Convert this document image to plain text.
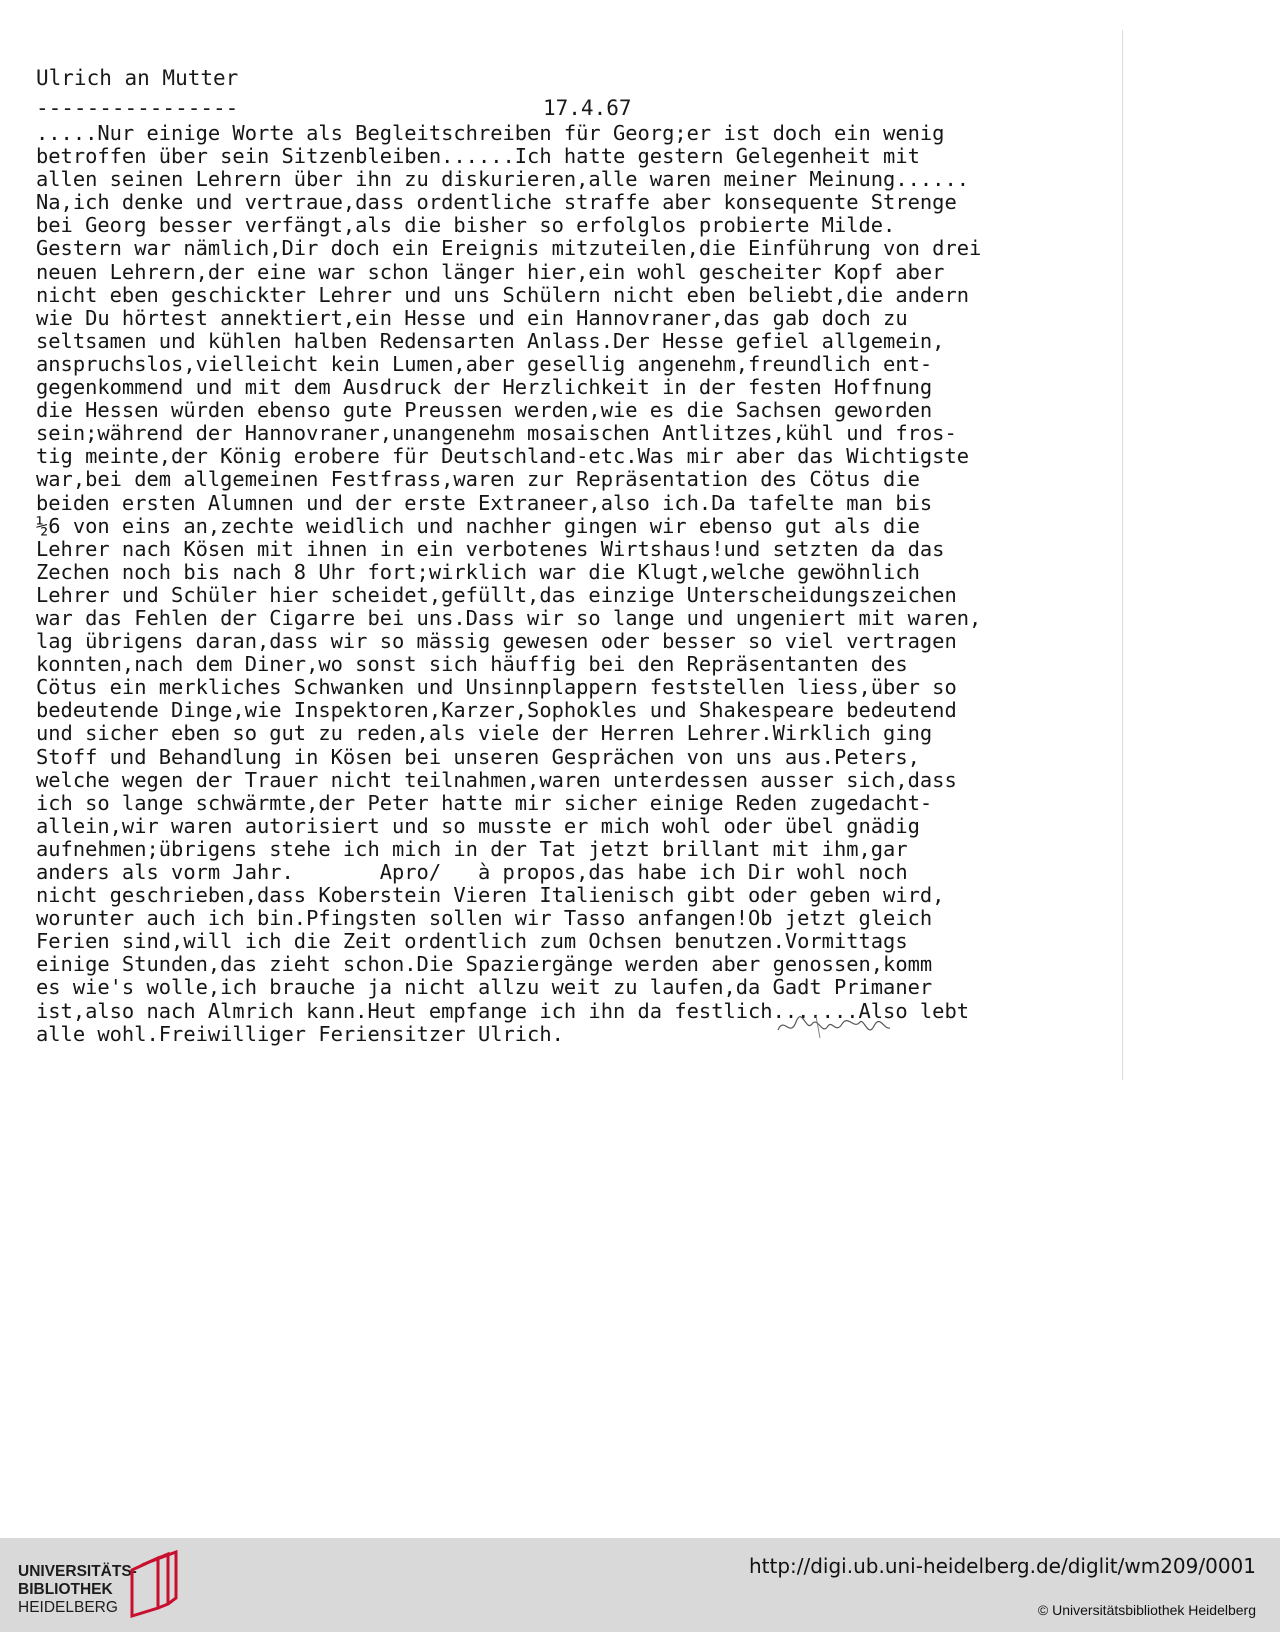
Ulrich an Mutter
----------------	17.4.67
.....Nur einige Worte als Begleitschreiben für Georg;er ist doch ein wenig
betroffen über sein Sitzenbleiben......Ich hatte gestern Gelegenheit mit
allen seinen Lehrern über ihn zu diskurieren,alle waren meiner Meinung......
Na,ich denke und vertraue,dass ordentliche straffe aber konsequente Strenge
bei Georg besser verfängt,als die bisher so erfolglos probierte Milde.
Gestern war nämlich,Dir doch ein Ereignis mitzuteilen,die Einführung von drei
neuen Lehrern,der eine war schon länger hier,ein wohl gescheiter Kopf aber
nicht eben geschickter Lehrer und uns Schülern nicht eben beliebt,die andern
wie Du hörtest annektiert,ein Hesse und ein Hannovraner,das gab doch zu
seltsamen und kühlen halben Redensarten Anlass.Der Hesse gefiel allgemein,
anspruchslos,vielleicht kein Lumen,aber gesellig angenehm,freundlich ent-
gegenkommend und mit dem Ausdruck der Herzlichkeit in der festen Hoffnung
die Hessen würden ebenso gute Preussen werden,wie es die Sachsen geworden
sein;während der Hannovraner,unangenehm mosaischen Antlitzes,kühl und fros-
tig meinte,der König erobere für Deutschland-etc.Was mir aber das Wichtigste
war,bei dem allgemeinen Festfrass,waren zur Repräsentation des Cötus die
beiden ersten Alumnen und der erste Extraneer,also ich.Da tafelte man bis
½6 von eins an,zechte weidlich und nachher gingen wir ebenso gut als die
Lehrer nach Kösen mit ihnen in ein verbotenes Wirtshaus!und setzten da das
Zechen noch bis nach 8 Uhr fort;wirklich war die Klugt,welche gewöhnlich
Lehrer und Schüler hier scheidet,gefüllt,das einzige Unterscheidungszeichen
war das Fehlen der Cigarre bei uns.Dass wir so lange und ungeniert mit waren,
lag übrigens daran,dass wir so mässig gewesen oder besser so viel vertragen
konnten,nach dem Diner,wo sonst sich häuffig bei den Repräsentanten des
Cötus ein merkliches Schwanken und Unsinnplappern feststellen liess,über so
bedeutende Dinge,wie Inspektoren,Karzer,Sophokles und Shakespeare bedeutend
und sicher eben so gut zu reden,als viele der Herren Lehrer.Wirklich ging
Stoff und Behandlung in Kösen bei unseren Gesprächen von uns aus.Peters,
welche wegen der Trauer nicht teilnahmen,waren unterdessen ausser sich,dass
ich so lange schwärmte,der Peter hatte mir sicher einige Reden zugedacht-
allein,wir waren autorisiert und so musste er mich wohl oder übel gnädig
aufnehmen;übrigens stehe ich mich in der Tat jetzt brillant mit ihm,gar
anders als vorm Jahr.       Apro/   à propos,das habe ich Dir wohl noch
nicht geschrieben,dass Koberstein Vieren Italienisch gibt oder geben wird,
worunter auch ich bin.Pfingsten sollen wir Tasso anfangen!Ob jetzt gleich
Ferien sind,will ich die Zeit ordentlich zum Ochsen benutzen.Vormittags
einige Stunden,das zieht schon.Die Spaziergänge werden aber genossen,komm
es wie's wolle,ich brauche ja nicht allzu weit zu laufen,da Gadt Primaner
ist,also nach Almrich kann.Heut empfange ich ihn da festlich.......Also lebt
alle wohl.Freiwilliger Feriensitzer Ulrich.
UNIVERSITÄTS-
BIBLIOTHEK
HEIDELBERG
http://digi.ub.uni-heidelberg.de/diglit/wm209/0001
© Universitätsbibliothek Heidelberg
